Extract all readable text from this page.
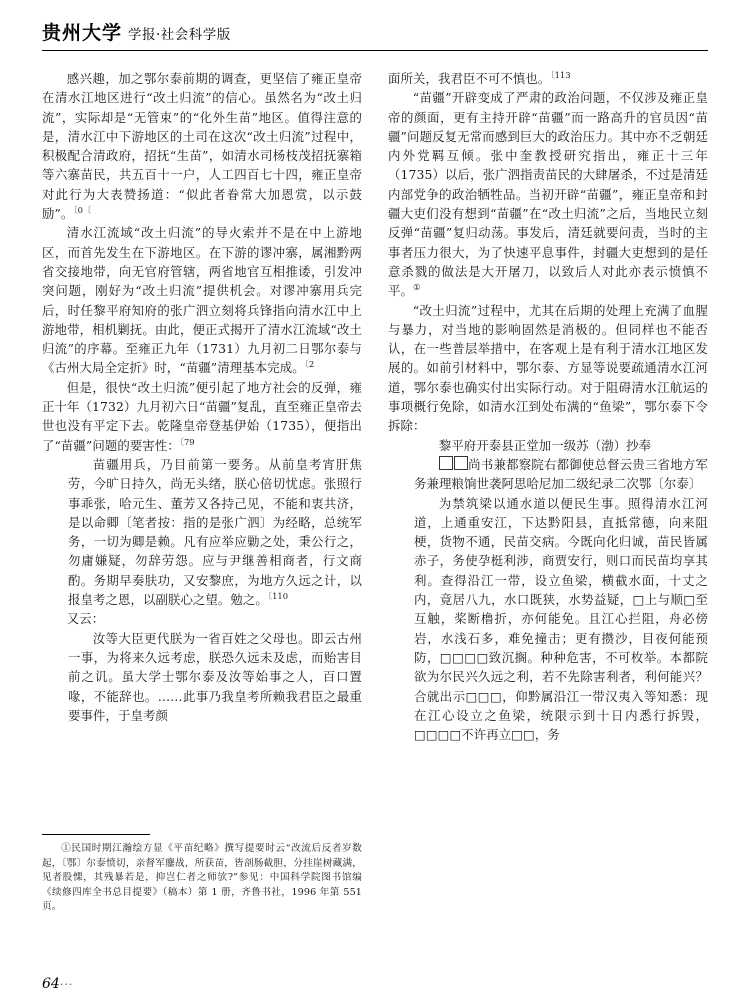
贵州大学 学报·社会科学版

感兴趣，加之鄂尔泰前期的调查，更坚信了雍正皇帝在清水江地区进行“改土归流”的信心。虽然名为“改土归流”，实际却是“无管束”的“化外生苗”地区。值得注意的是，清水江中下游地区的土司在这次“改土归流”过程中，积极配合清政府，招抚“生苗”，如清水司杨枝茂招抚寨箱等六寨苗民，共五百十一户，人工四百七十四，雍正皇帝对此行为大表赞扬道：“似此者眷常大加恩赏，以示鼓励”。$^{〔0〔}$

清水江流域“改土归流”的导火索并不是在中上游地区，而首先发生在下游地区。在下游的谬冲寨，属湘黔两省交接地带，向无官府管辖，两省地官互相推诿，引发冲突问题，刚好为“改土归流”提供机会。对谬冲寨用兵完后，时任黎平府知府的张广泗立刻将兵锋指向清水江中上游地带，相机剿抚。由此，便正式揭开了清水江流域“改土归流”的序幕。至雍正九年（1731）九月初二日鄂尔泰与《古州大局全定折》时，“苗疆”清理基本完成。$^{〔2}$

但是，很快“改土归流”便引起了地方社会的反弹，雍正十年（1732）九月初六日“苗疆”复乱，直至雍正皇帝去世也没有平定下去。乾隆皇帝登基伊始（1735），便指出了“苗疆”问题的要害性：$^{〔79}$

苗疆用兵，乃目前第一要务。从前皇考宵肝焦劳，今旷日持久，尚无头绪，朕心倍切忧虑。张照行事乖张，哈元生、董芳又各持己见，不能和衷共济，是以命卿〔笔者按：指的是张广泗〕为经略，总统军务，一切为卿是赖。凡有应举应勦之处，秉公行之，勿庸嫌疑，勿辞劳怨。应与尹继善相商者，行文商酌。务期早奏肤功，又安黎庶，为地方久远之计，以报皇考之恩，以副朕心之望。勉之。$^{〔110}$

又云：

汝等大臣更代朕为一省百姓之父母也。即云古州一事，为将来久远考虑，朕恐久远未及虑，而贻害目前之讥。虽大学士鄂尔泰及汝等始事之人，百口置喙，不能辞也。……此事乃我皇考所赖我君臣之最重要事件，于皇考颜

①民国时期江瀚绘方显《平苗纪略》撰写提要时云“改流后反者岁数起，〔鄂〕尔泰愤切，亲督军鏖战，所获苗，皆剖肠截胆，分挂崖树藏满，见者股慄，其残暴若是，抑岂仁者之师欤?”参见：中国科学院图书馆编《续修四库全书总目提要》（稿本）第 1 册，齐鲁书社，1996 年第 551 页。

面所关，我君臣不可不慎也。$^{〔113}$

“苗疆”开辟变成了严肃的政治问题，不仅涉及雍正皇帝的颜面，更有主持开辟“苗疆”而一路高升的官员因“苗疆”问题反复无常而感到巨大的政治压力。其中亦不乏朝廷内外党羁互倾。张中奎教授研究指出，雍正十三年（1735）以后，张广泗指责苗民的大肆屠杀，不过是清廷内部党争的政治牺牲品。当初开辟“苗疆”，雍正皇帝和封疆大吏们没有想到“苗疆”在“改土归流”之后，当地民立刻反弹“苗疆”复归动荡。事发后，清廷就要问责，当时的主事者压力很大，为了快速平息事件，封疆大吏想到的是任意杀戮的做法是大开屠刀，以致后人对此亦表示愤慎不平。①

“改土归流”过程中，尤其在后期的处理上充满了血腥与暴力，对当地的影响固然是消极的。但同样也不能否认，在一些普层举措中，在客观上是有利于清水江地区发展的。如前引材料中，鄂尔泰、方显等说要疏通清水江河道，鄂尔泰也确实付出实际行动。对于阻碍清水江航运的事项概行免除，如清水江到处布满的“鱼梁”，鄂尔泰下令拆除：

黎平府开泰县正堂加一级苏（渤）抄奉

尚书兼都察院右都御使总督云贵三省地方军务兼理粮饷世袭阿思哈尼加二级纪录二次鄂〔尔泰〕

为禁筑梁以通水道以便民生事。照得清水江河道，上通重安江，下达黔阳县，直抵常德，向来阻梗，货物不通，民苗交病。今既向化归诚，苗民皆属赤子，务使孕梃利涉，商贾安行，则口而民苗均享其利。查得沿江一带，设立鱼梁，横截水面，十丈之内，竟居八九，水口既狭，水势益疑，□上与顺□至互触，桨断橹折，亦何能免。且江心拦阻，舟必傍岩，水浅石多，难免撞击；更有攒沙，目夜何能预防，□□□□致沉搁。种种危害，不可枚举。本都院欲为尔民兴久远之利，若不先除害利者，利何能兴？合就出示□□□，仰黔属沿江一带汉夷入等知悉：现在江心设立之鱼梁，统限示到十日内悉行拆毁，□□□□不许再立□□，务

64···
